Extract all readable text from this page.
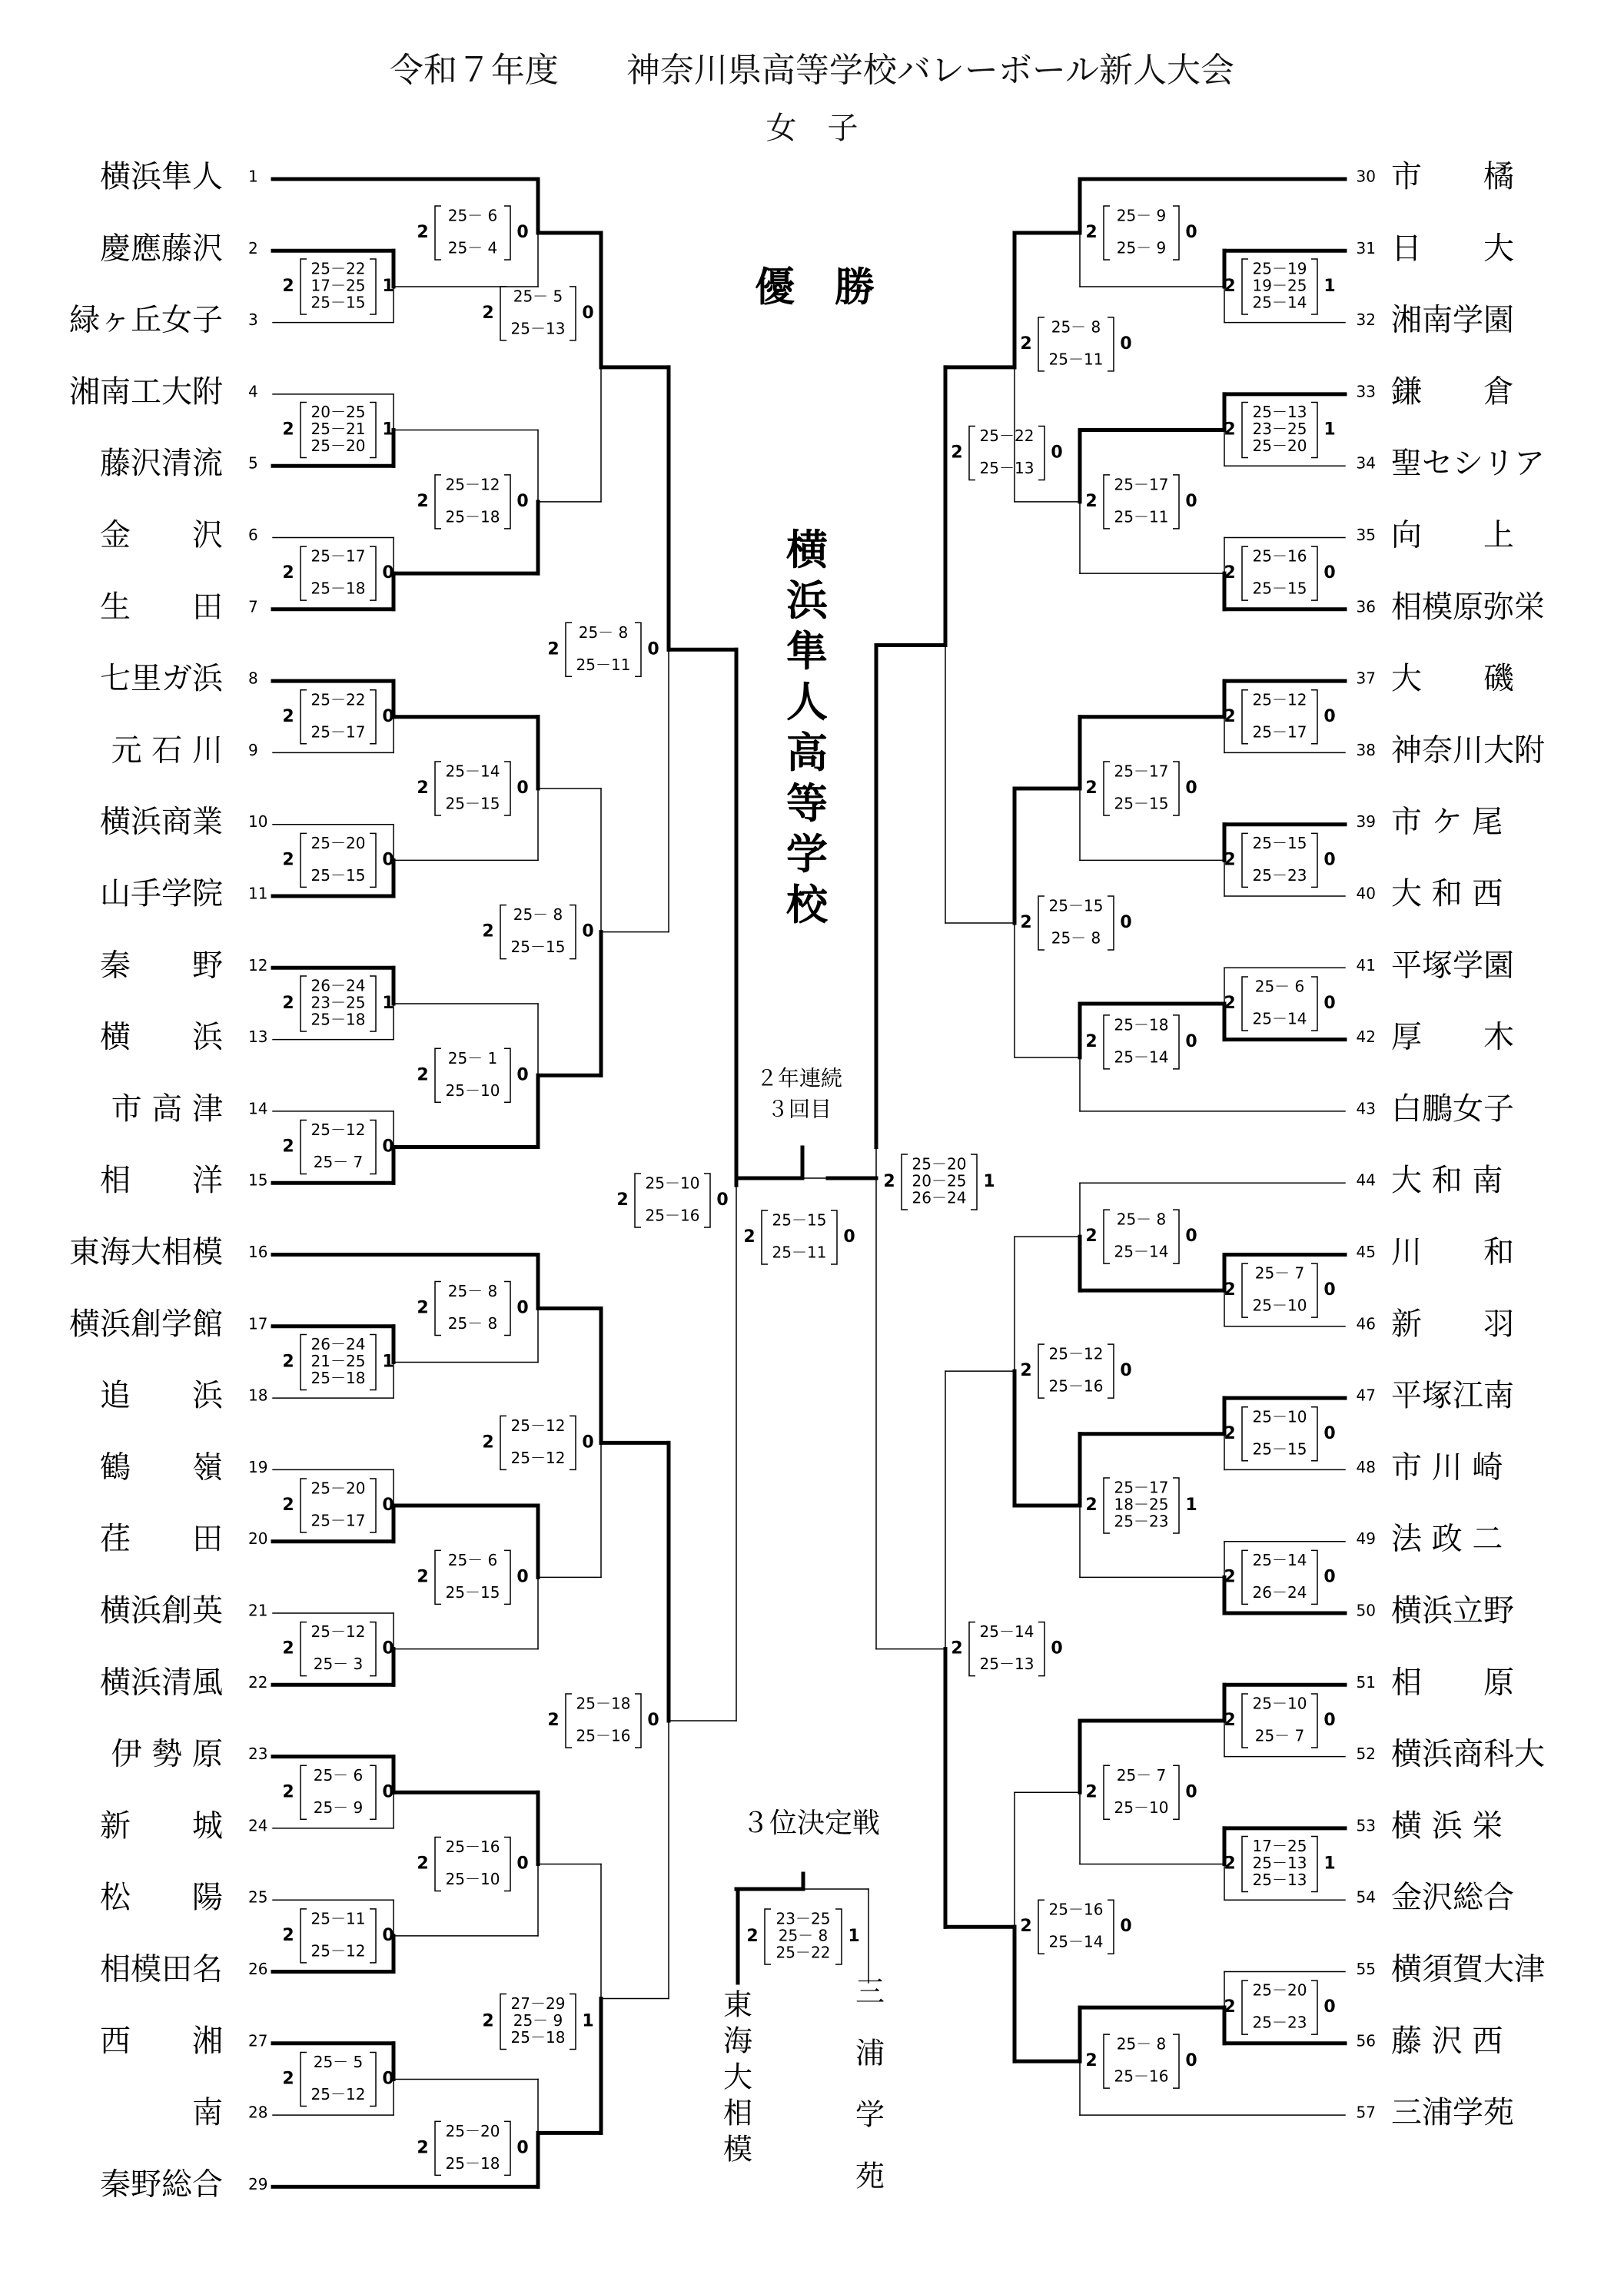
令和７年度　　神奈川県高等学校バレーボール新人大会
女　子
横浜隼人 1
慶應藤沢 2
緑ヶ丘女子 3
湘南工大附 4
藤沢清流 5
金　　沢 6
生　　田 7
七里ガ浜 8
元 石 川 9
横浜商業 10
山手学院 11
秦　　野 12
横　　浜 13
市 高 津 14
相　　洋 15
東海大相模 16
横浜創学館 17
追　　浜 18
鶴　　嶺 19
荏　　田 20
横浜創英 21
横浜清風 22
伊 勢 原 23
新　　城 24
松　　陽 25
相模田名 26
西　　湘 27
南 28
秦野総合 29
30 市　　橘
31 日　　大
32 湘南学園
33 鎌　　倉
34 聖セシリア
35 向　　上
36 相模原弥栄
37 大　　磯
38 神奈川大附
39 市 ケ 尾
40 大 和 西
41 平塚学園
42 厚　　木
43 白鵬女子
44 大 和 南
45 川　　和
46 新　　羽
47 平塚江南
48 市 川 崎
49 法 政 二
50 横浜立野
51 相　　原
52 横浜商科大
53 横 浜 栄
54 金沢総合
55 横須賀大津
56 藤 沢 西
57 三浦学苑
25－22
17－25
25－15
2	1
25－ 6
25－ 4
2	0
20－25
25－21
25－20
2	1
25－17
25－18
2	0
25－12
25－18
2	0
25－ 5
25－13
2	0
25－22
25－17
2	0
25－20
25－15
2	0
25－14
25－15
2	0
26－24
23－25
25－18
2	1
25－12
25－ 7
2	0
25－ 1
25－10
2	0
25－ 8
25－15
2	0
25－ 8
25－11
2	0
26－24
21－25
25－18
2	1
25－ 8
25－ 8
2	0
25－20
25－17
2	0
25－12
25－ 3
2	0
25－ 6
25－15
2	0
25－12
25－12
2	0
25－ 6
25－ 9
2	0
25－11
25－12
2	0
25－16
25－10
2	0
25－ 5
25－12
2	0
25－20
25－18
2	0
27－29
25－ 9
25－18
2	1
25－18
25－16
2	0
25－10
25－16
2	0
25－19
19－25
25－14
2	1
25－ 9
25－ 9
2	0
25－13
23－25
25－20
2	1
25－16
25－15
2	0
25－17
25－11
2	0
25－ 8
25－11
2	0
25－12
25－17
2	0
25－15
25－23
2	0
25－17
25－15
2	0
25－ 6
25－14
2	0
25－18
25－14
2	0
25－15
25－ 8
2	0
25－22
25－13
2	0
25－ 7
25－10
2	0
25－ 8
25－14
2	0
25－10
25－15
2	0
25－14
26－24
2	0
25－17
18－25
25－23
2	1
25－12
25－16
2	0
25－10
25－ 7
2	0
17－25
25－13
25－13
2	1
25－ 7
25－10
2	0
25－20
25－23
2	0
25－ 8
25－16
2	0
25－16
25－14
2	0
25－14
25－13
2	0
25－20
20－25
26－24
2	1
25－15
25－11
2	0
優　勝
横
浜
隼
人
高
等
学
校
２年連続
３回目
３位決定戦
23－25
25－ 8
25－22
2	1
東
海
大
相
模
三
浦
学
苑
